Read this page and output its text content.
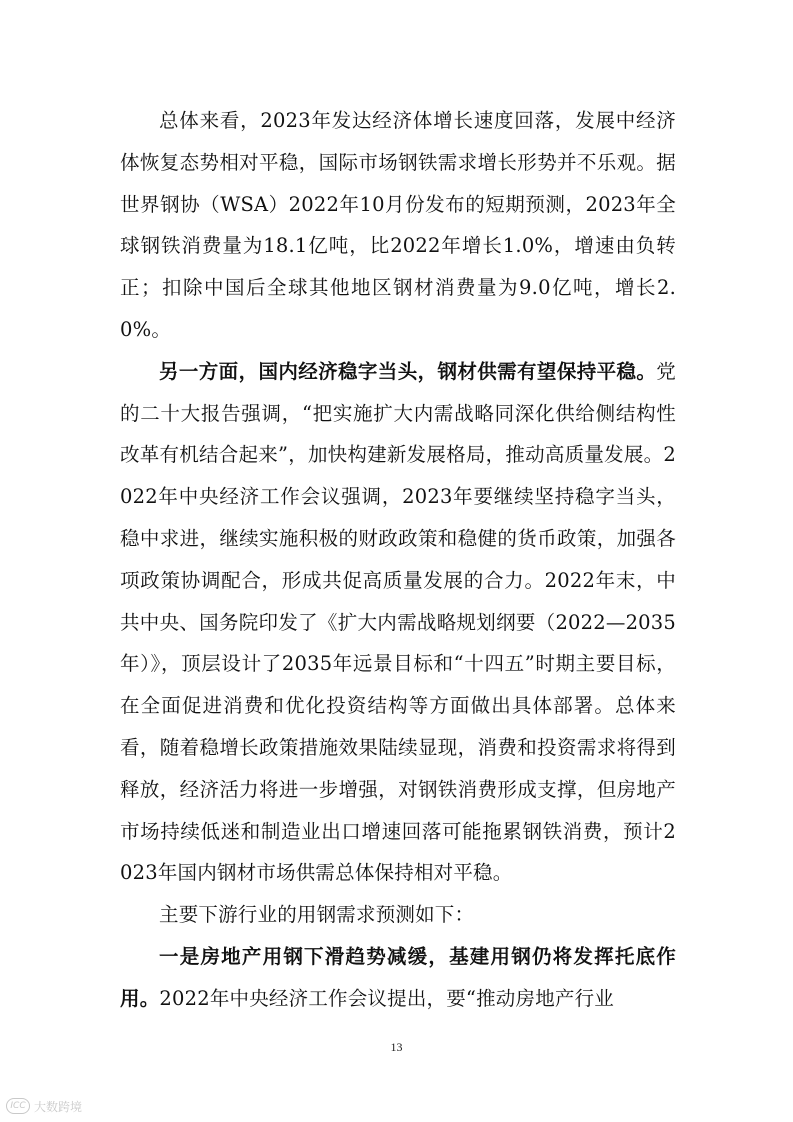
总体来看，2023年发达经济体增长速度回落，发展中经济体恢复态势相对平稳，国际市场钢铁需求增长形势并不乐观。据世界钢协（WSA）2022年10月份发布的短期预测，2023年全球钢铁消费量为18.1亿吨，比2022年增长1.0%，增速由负转正；扣除中国后全球其他地区钢材消费量为9.0亿吨，增长2.0%。

另一方面，国内经济稳字当头，钢材供需有望保持平稳。党的二十大报告强调，“把实施扩大内需战略同深化供给侧结构性改革有机结合起来”，加快构建新发展格局，推动高质量发展。2022年中央经济工作会议强调，2023年要继续坚持稳字当头，稳中求进，继续实施积极的财政政策和稳健的货币政策，加强各项政策协调配合，形成共促高质量发展的合力。2022年末，中共中央、国务院印发了《扩大内需战略规划纲要（2022—2035年）》，顶层设计了2035年远景目标和“十四五”时期主要目标，在全面促进消费和优化投资结构等方面做出具体部署。总体来看，随着稳增长政策措施效果陆续显现，消费和投资需求将得到释放，经济活力将进一步增强，对钢铁消费形成支撑，但房地产市场持续低迷和制造业出口增速回落可能拖累钢铁消费，预计2023年国内钢材市场供需总体保持相对平稳。

主要下游行业的用钢需求预测如下：

一是房地产用钢下滑趋势减缓，基建用钢仍将发挥托底作用。2022年中央经济工作会议提出，要“推动房地产行业

13
ICC 大数跨境
